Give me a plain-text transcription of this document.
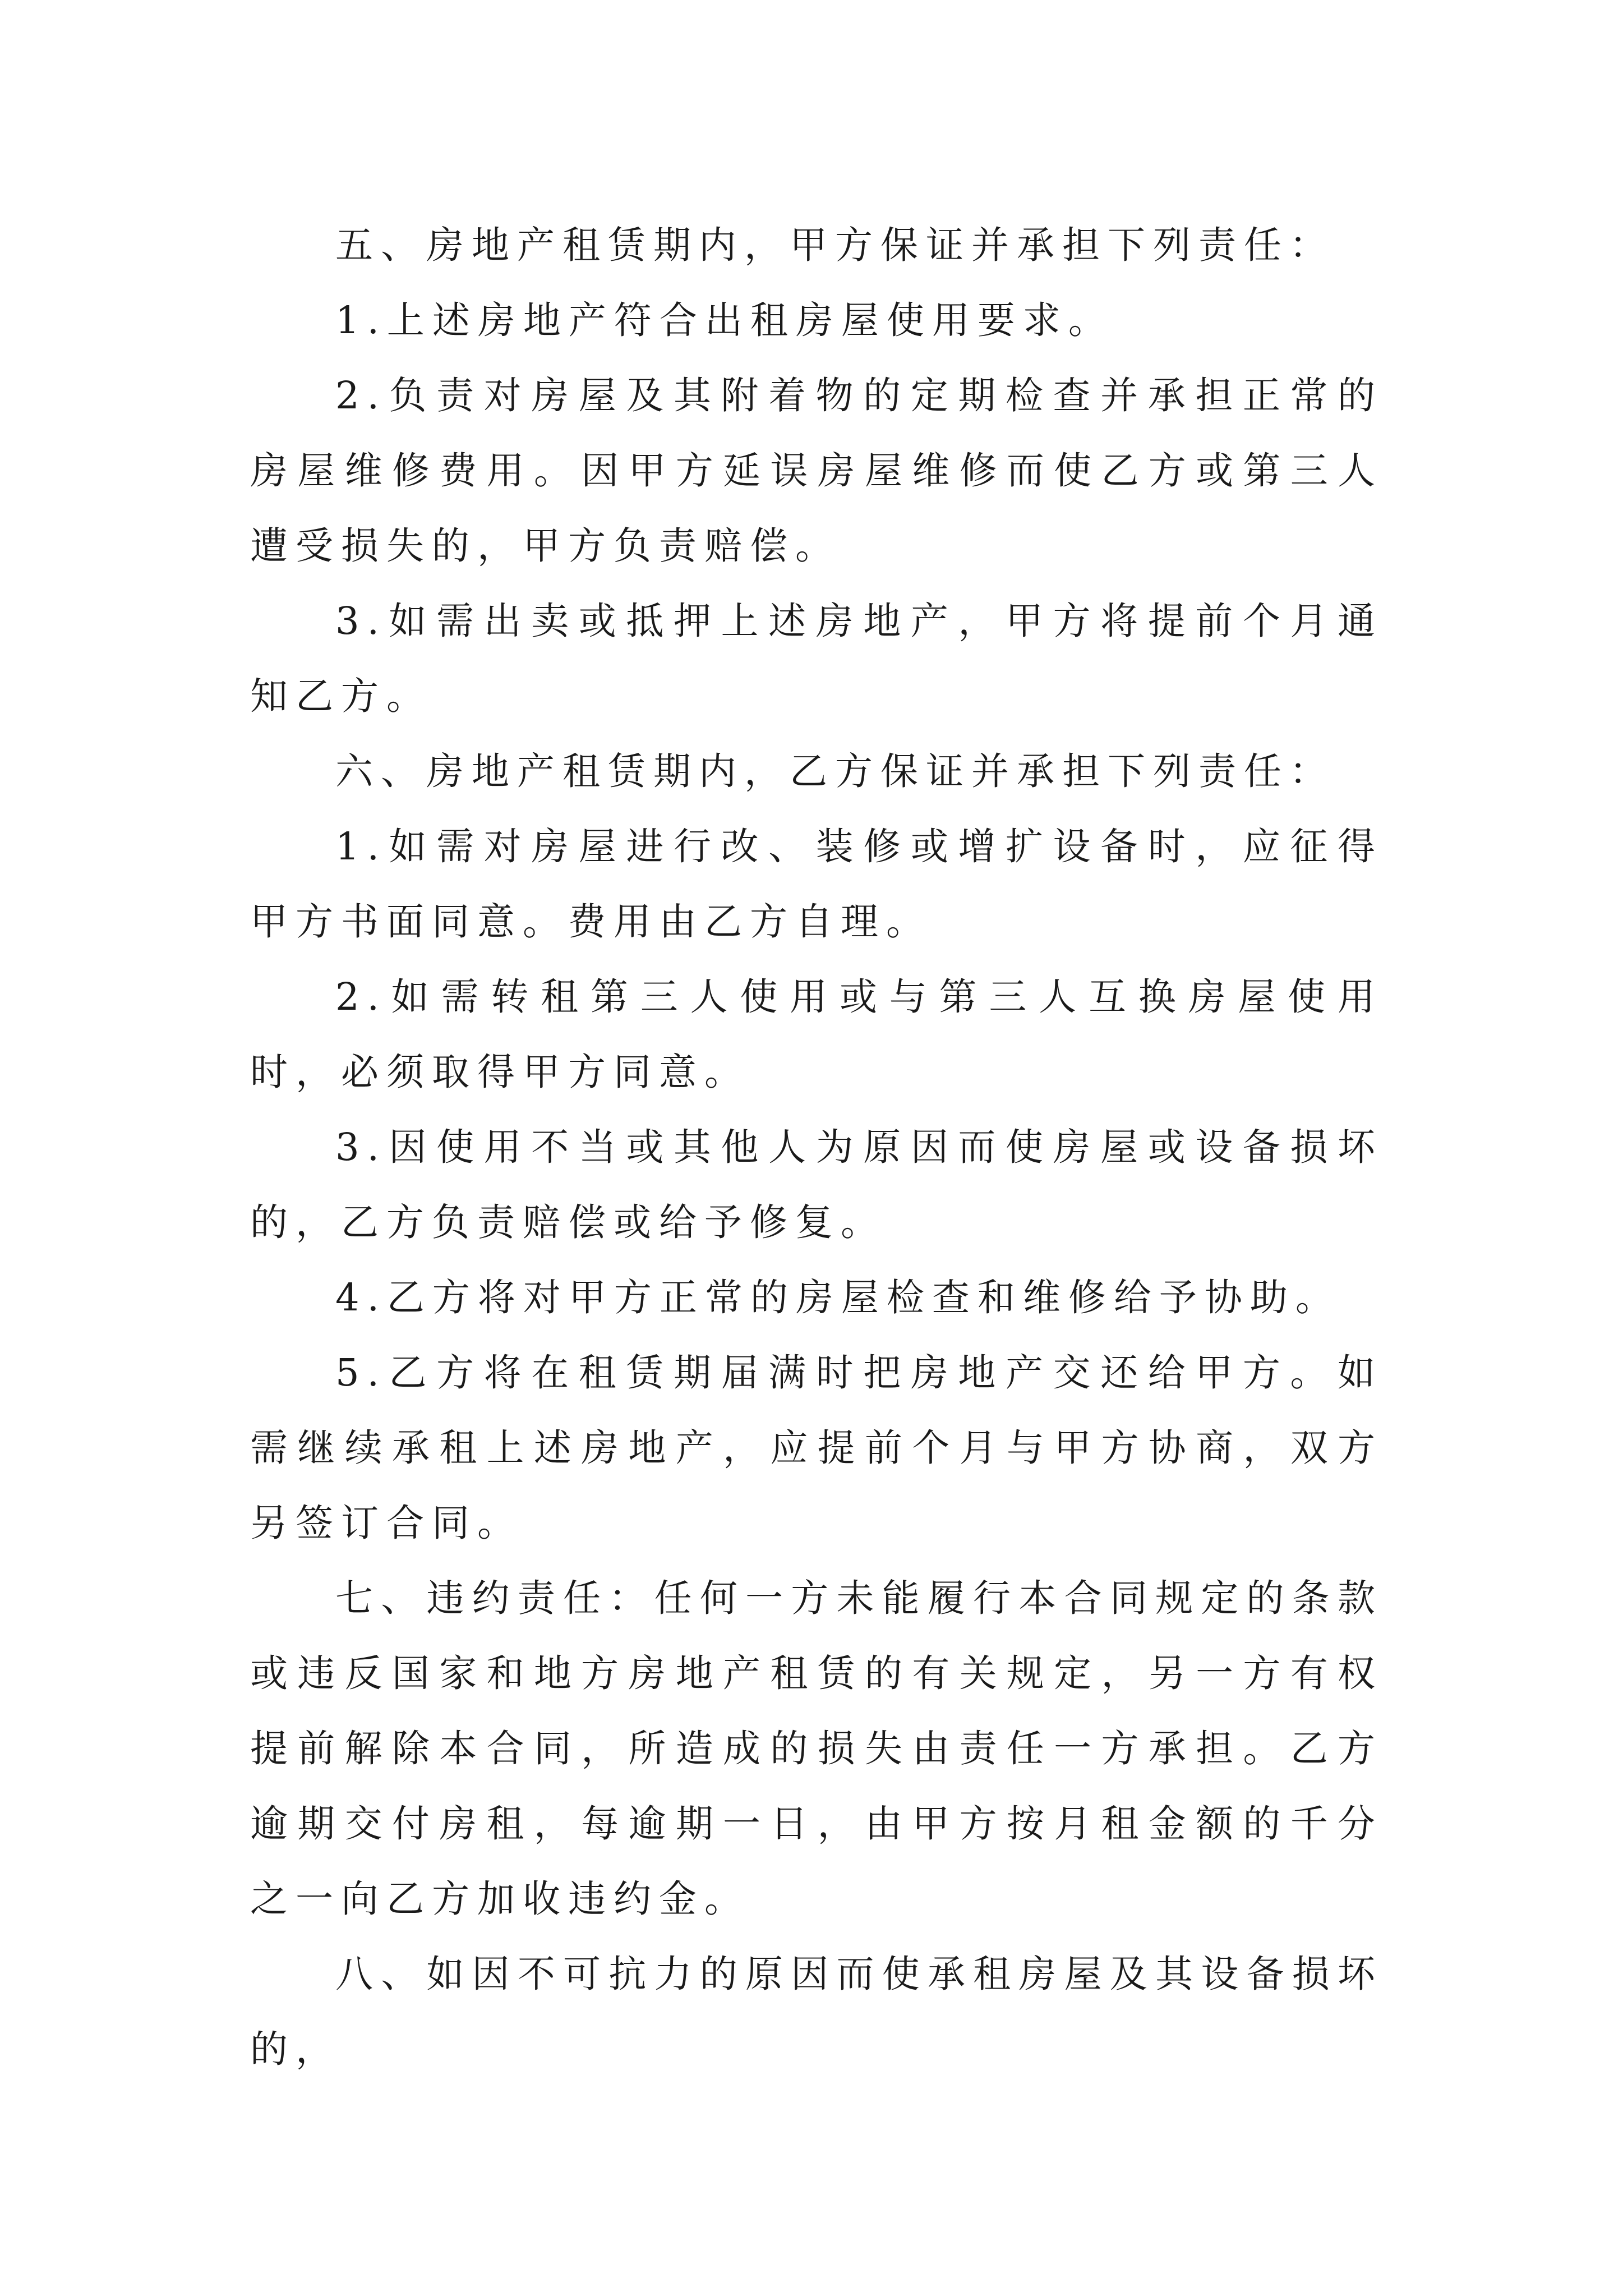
五、房地产租赁期内，甲方保证并承担下列责任：

1.上述房地产符合出租房屋使用要求。

2.负责对房屋及其附着物的定期检查并承担正常的房屋维修费用。因甲方延误房屋维修而使乙方或第三人遭受损失的，甲方负责赔偿。

3.如需出卖或抵押上述房地产，甲方将提前个月通知乙方。

六、房地产租赁期内，乙方保证并承担下列责任：

1.如需对房屋进行改、装修或增扩设备时，应征得甲方书面同意。费用由乙方自理。

2.如需转租第三人使用或与第三人互换房屋使用时，必须取得甲方同意。

3.因使用不当或其他人为原因而使房屋或设备损坏的，乙方负责赔偿或给予修复。

4.乙方将对甲方正常的房屋检查和维修给予协助。

5.乙方将在租赁期届满时把房地产交还给甲方。如需继续承租上述房地产，应提前个月与甲方协商，双方另签订合同。

七、违约责任：任何一方未能履行本合同规定的条款或违反国家和地方房地产租赁的有关规定，另一方有权提前解除本合同，所造成的损失由责任一方承担。乙方逾期交付房租，每逾期一日，由甲方按月租金额的千分之一向乙方加收违约金。

八、如因不可抗力的原因而使承租房屋及其设备损坏的，
